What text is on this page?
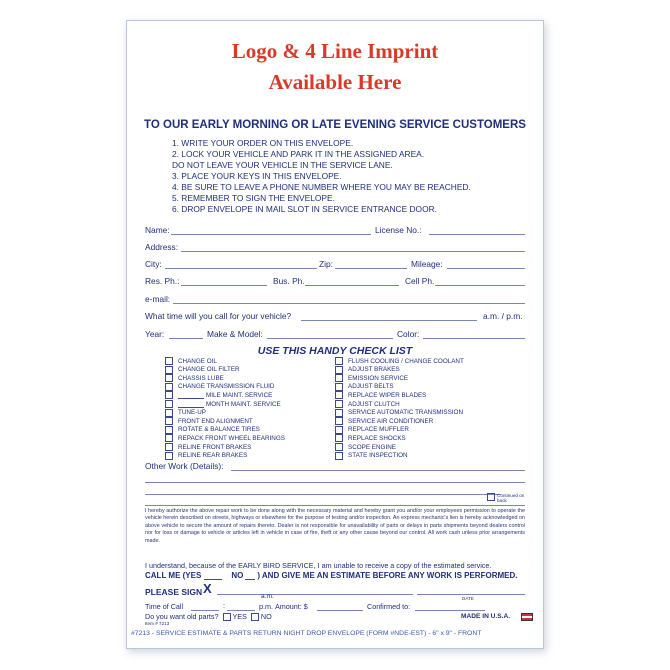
Logo & 4 Line Imprint
Available Here
TO OUR EARLY MORNING OR LATE EVENING SERVICE CUSTOMERS
1. WRITE YOUR ORDER ON THIS ENVELOPE.
2. LOCK YOUR VEHICLE AND PARK IT IN THE ASSIGNED AREA.
DO NOT LEAVE YOUR VEHICLE IN THE SERVICE LANE.
3. PLACE YOUR KEYS IN THIS ENVELOPE.
4. BE SURE TO LEAVE A PHONE NUMBER WHERE YOU MAY BE REACHED.
5. REMEMBER TO SIGN THE ENVELOPE.
6. DROP ENVELOPE IN MAIL SLOT IN SERVICE ENTRANCE DOOR.
Name:	License No.:
Address:
City:	Zip:	Mileage:
Res. Ph.:	Bus. Ph.	Cell Ph.
e-mail:
What time will you call for your vehicle?	a.m. / p.m.
Year:	Make & Model:	Color:
USE THIS HANDY CHECK LIST
CHANGE OIL
CHANGE OIL FILTER
CHASSIS LUBE
CHANGE TRANSMISSION FLUID
MILE MAINT. SERVICE
MONTH MAINT. SERVICE
TUNE-UP
FRONT END ALIGNMENT
ROTATE & BALANCE TIRES
REPACK FRONT WHEEL BEARINGS
RELINE FRONT BRAKES
RELINE REAR BRAKES
FLUSH COOLING / CHANGE COOLANT
ADJUST BRAKES
EMISSION SERVICE
ADJUST BELTS
REPLACE WIPER BLADES
ADJUST CLUTCH
SERVICE AUTOMATIC TRANSMISSION
SERVICE AIR CONDITIONER
REPLACE MUFFLER
REPLACE SHOCKS
SCOPE ENGINE
STATE INSPECTION
Other Work (Details):
Continued on back
I hereby authorize the above repair work to be done along with the necessary material and hereby grant you and/or your employees permission to operate the vehicle herein described on streets, highways or elsewhere for the purpose of testing and/or inspection. An express mechanic's lien is hereby acknowledged on above vehicle to secure the amount of repairs thereto. Dealer is not responsible for unavailability of parts or delays in parts shipments beyond dealers control nor for loss or damage to vehicle or articles left in vehicle in case of fire, theft or any other cause beyond our control. All work cash unless prior arrangements made.
I understand, because of the EARLY BIRD SERVICE, I am unable to receive a copy of the estimated service.
CALL ME (YES	NO ) AND GIVE ME AN ESTIMATE BEFORE ANY WORK IS PERFORMED.
PLEASE SIGN X
DATE
a.m.
Time of Call	:	p.m. Amount: $	Confirmed to:
Do you want old parts? YES NO	MADE IN U.S.A.
Item # 7213
#7213 - SERVICE ESTIMATE & PARTS RETURN NIGHT DROP ENVELOPE (FORM #NDE-EST) - 6" x 9" - FRONT
